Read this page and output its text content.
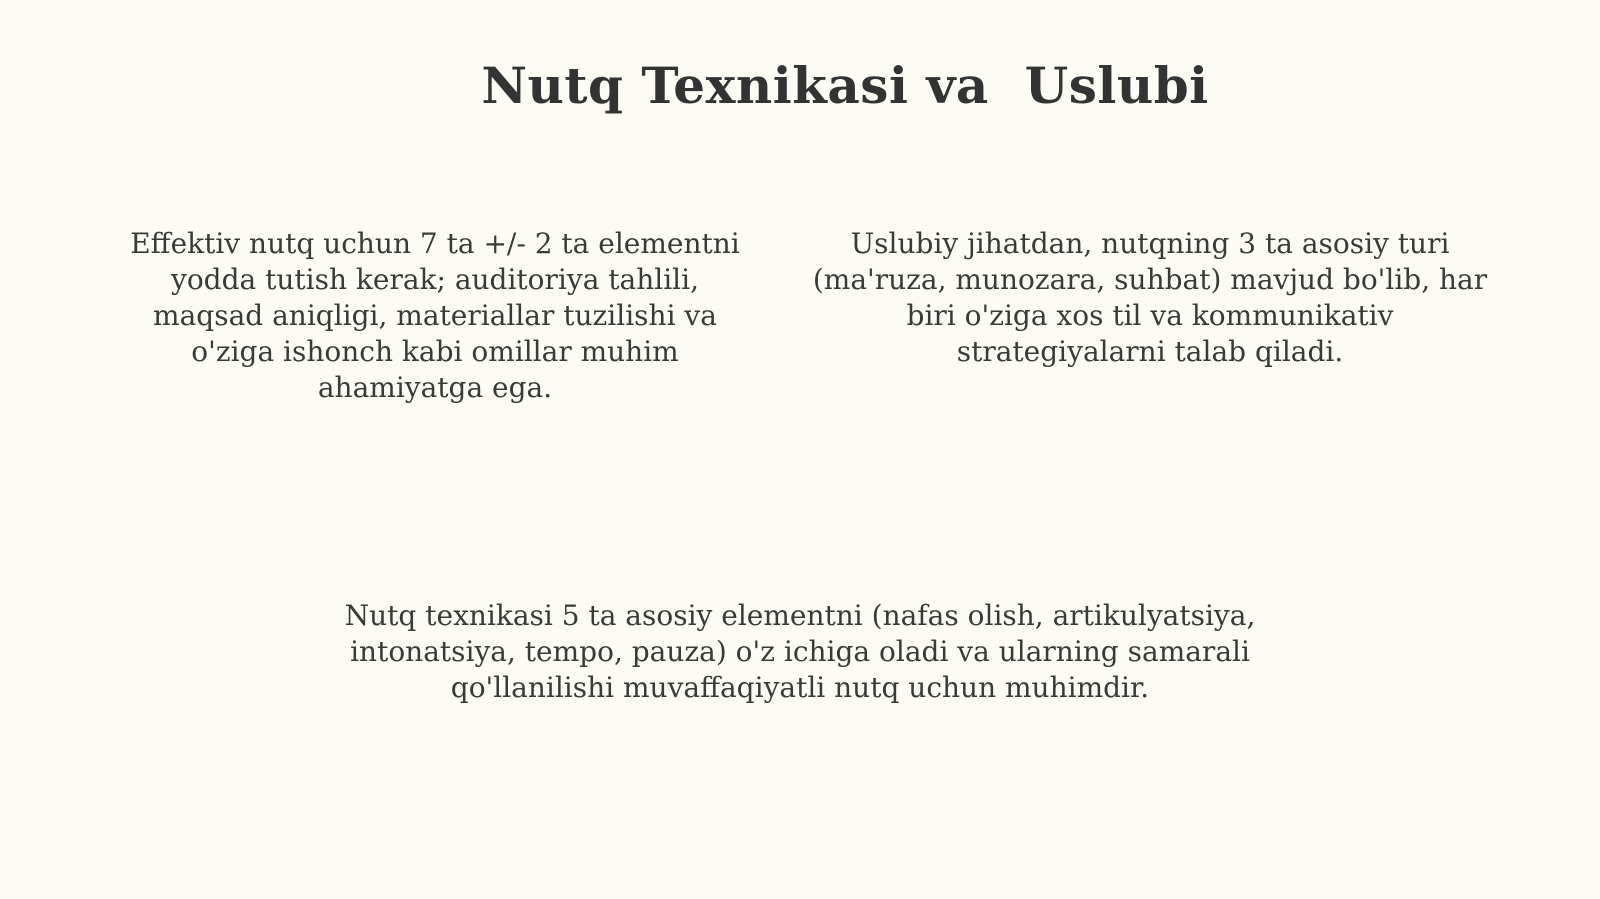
Nutq Texnikasi va  Uslubi
Effektiv nutq uchun 7 ta +/- 2 ta elementni
yodda tutish kerak; auditoriya tahlili,
maqsad aniqligi, materiallar tuzilishi va
o'ziga ishonch kabi omillar muhim
ahamiyatga ega.
Uslubiy jihatdan, nutqning 3 ta asosiy turi
(ma'ruza, munozara, suhbat) mavjud bo'lib, har
biri o'ziga xos til va kommunikativ
strategiyalarni talab qiladi.
Nutq texnikasi 5 ta asosiy elementni (nafas olish, artikulyatsiya,
intonatsiya, tempo, pauza) o'z ichiga oladi va ularning samarali
qo'llanilishi muvaffaqiyatli nutq uchun muhimdir.
